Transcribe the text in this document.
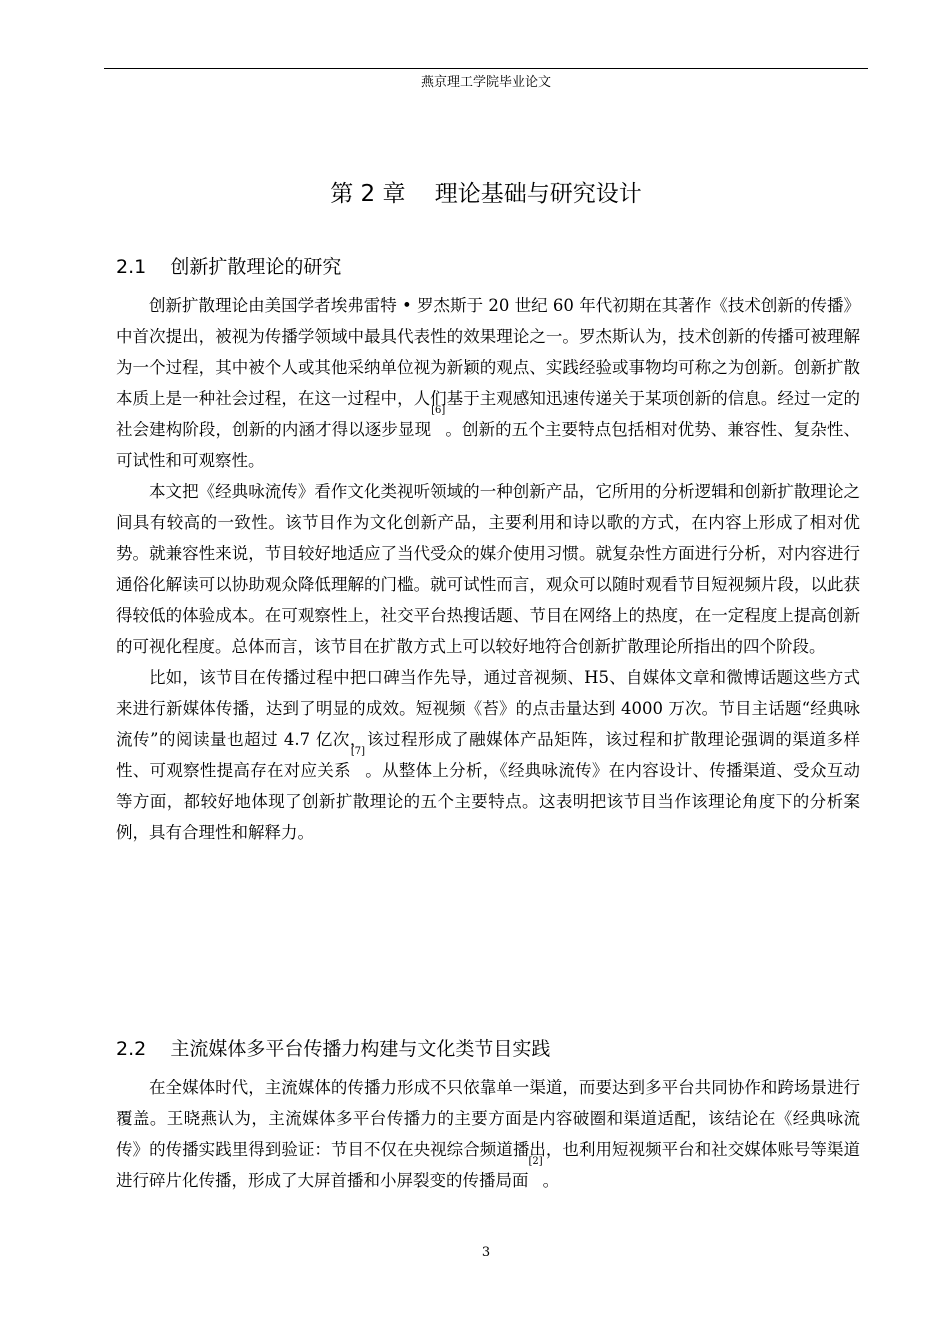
燕京理工学院毕业论文
第 2 章    理论基础与研究设计
2.1    创新扩散理论的研究

创新扩散理论由美国学者埃弗雷特 • 罗杰斯于 20 世纪 60 年代初期在其著作《技术创新的传播》中首次提出，被视为传播学领域中最具代表性的效果理论之一。罗杰斯认为，技术创新的传播可被理解为一个过程，其中被个人或其他采纳单位视为新颖的观点、实践经验或事物均可称之为创新。创新扩散本质上是一种社会过程，在这一过程中，人们基于主观感知迅速传递关于某项创新的信息。经过一定的社会建构阶段，创新的内涵才得以逐步显现[6]。创新的五个主要特点包括相对优势、兼容性、复杂性、可试性和可观察性。

本文把《经典咏流传》看作文化类视听领域的一种创新产品，它所用的分析逻辑和创新扩散理论之间具有较高的一致性。该节目作为文化创新产品，主要利用和诗以歌的方式，在内容上形成了相对优势。就兼容性来说，节目较好地适应了当代受众的媒介使用习惯。就复杂性方面进行分析，对内容进行通俗化解读可以协助观众降低理解的门槛。就可试性而言，观众可以随时观看节目短视频片段，以此获得较低的体验成本。在可观察性上，社交平台热搜话题、节目在网络上的热度，在一定程度上提高创新的可视化程度。总体而言，该节目在扩散方式上可以较好地符合创新扩散理论所指出的四个阶段。

比如，该节目在传播过程中把口碑当作先导，通过音视频、H5、自媒体文章和微博话题这些方式来进行新媒体传播，达到了明显的成效。短视频《苔》的点击量达到 4000 万次。节目主话题“经典咏流传”的阅读量也超过 4.7 亿次，该过程形成了融媒体产品矩阵，该过程和扩散理论强调的渠道多样性、可观察性提高存在对应关系[7]。从整体上分析，《经典咏流传》在内容设计、传播渠道、受众互动等方面，都较好地体现了创新扩散理论的五个主要特点。这表明把该节目当作该理论角度下的分析案例，具有合理性和解释力。

2.2    主流媒体多平台传播力构建与文化类节目实践

在全媒体时代，主流媒体的传播力形成不只依靠单一渠道，而要达到多平台共同协作和跨场景进行覆盖。王晓燕认为，主流媒体多平台传播力的主要方面是内容破圈和渠道适配，该结论在《经典咏流传》的传播实践里得到验证：节目不仅在央视综合频道播出，也利用短视频平台和社交媒体账号等渠道进行碎片化传播，形成了大屏首播和小屏裂变的传播局面[2]。

3
